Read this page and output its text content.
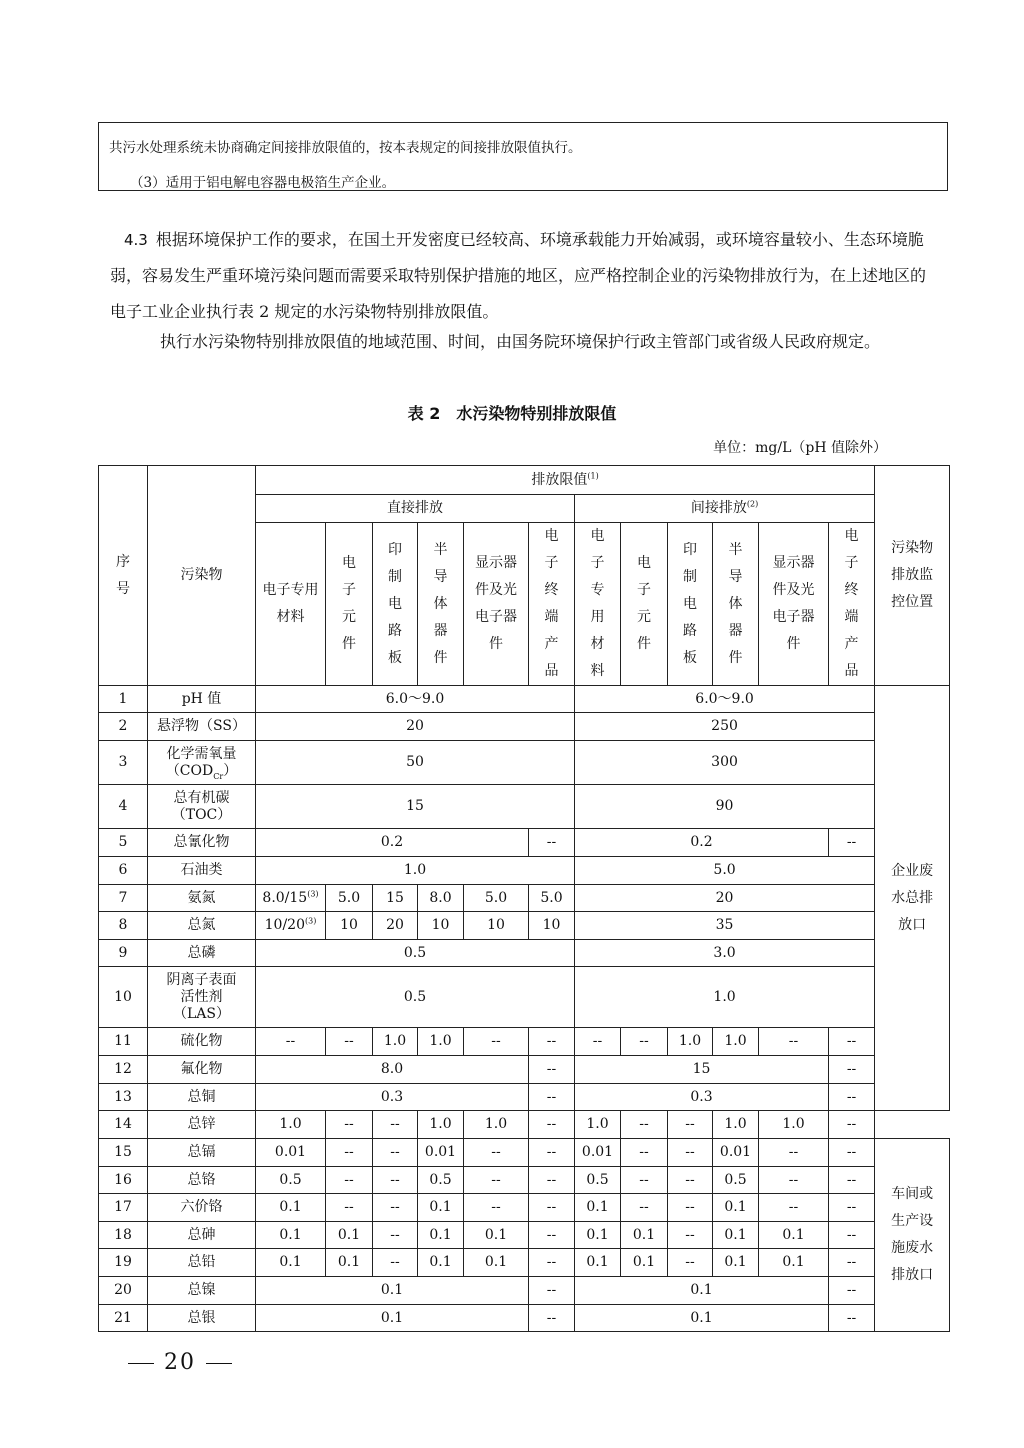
共污水处理系统未协商确定间接排放限值的，按本表规定的间接排放限值执行。
（3）适用于铝电解电容器电极箔生产企业。
4.3 根据环境保护工作的要求，在国土开发密度已经较高、环境承载能力开始减弱，或环境容量较小、生态环境脆弱，容易发生严重环境污染问题而需要采取特别保护措施的地区，应严格控制企业的污染物排放行为，在上述地区的电子工业企业执行表 2 规定的水污染物特别排放限值。
执行水污染物特别排放限值的地域范围、时间，由国务院环境保护行政主管部门或省级人民政府规定。
表 2　水污染物特别排放限值
单位：mg/L（pH 值除外）
序号	污染物	排放限值$^{(1)}$												污染物排放监控位置
		直接排放						间接排放$^{(2)}$
		电子专用材料	电子元件	印制电路板	半导体器件	显示器件及光电子器件	电子终端产品	电子专用材料	电子元件	印制电路板	半导体器件	显示器件及光电子器件	电子终端产品	
1	pH 值	6.0～9.0						6.0～9.0						企业废水总排放口
2	悬浮物（SS）	20						250						
3	化学需氧量
$(COD_{Cr})$	50						300						
4	总有机碳
（TOC）	15						90						
5	总氰化物	0.2					--	0.2					--	
6	石油类	1.0						5.0						
7	氨氮	8.0/15$^{(3)}$	5.0	15	8.0	5.0	5.0	20						
8	总氮	10/20$^{(3)}$	10	20	10	10	10	35						
9	总磷	0.5						3.0						
10	阴离子表面
活性剂
（LAS）	0.5						1.0						
11	硫化物	--	--	1.0	1.0	--	--	--	--	1.0	1.0	--	--	
12	氟化物	8.0					--	15					--	
13	总铜	0.3					--	0.3					--	
14	总锌	1.0	--	--	1.0	1.0	--	1.0	--	--	1.0	1.0	--	
15	总镉	0.01	--	--	0.01	--	--	0.01	--	--	0.01	--	--	车间或生产设施废水排放口
16	总铬	0.5	--	--	0.5	--	--	0.5	--	--	0.5	--	--	
17	六价铬	0.1	--	--	0.1	--	--	0.1	--	--	0.1	--	--	
18	总砷	0.1	0.1	--	0.1	0.1	--	0.1	0.1	--	0.1	0.1	--	
19	总铅	0.1	0.1	--	0.1	0.1	--	0.1	0.1	--	0.1	0.1	--	
20	总镍	0.1					--	0.1					--	
21	总银	0.1					--	0.1					--	
20
